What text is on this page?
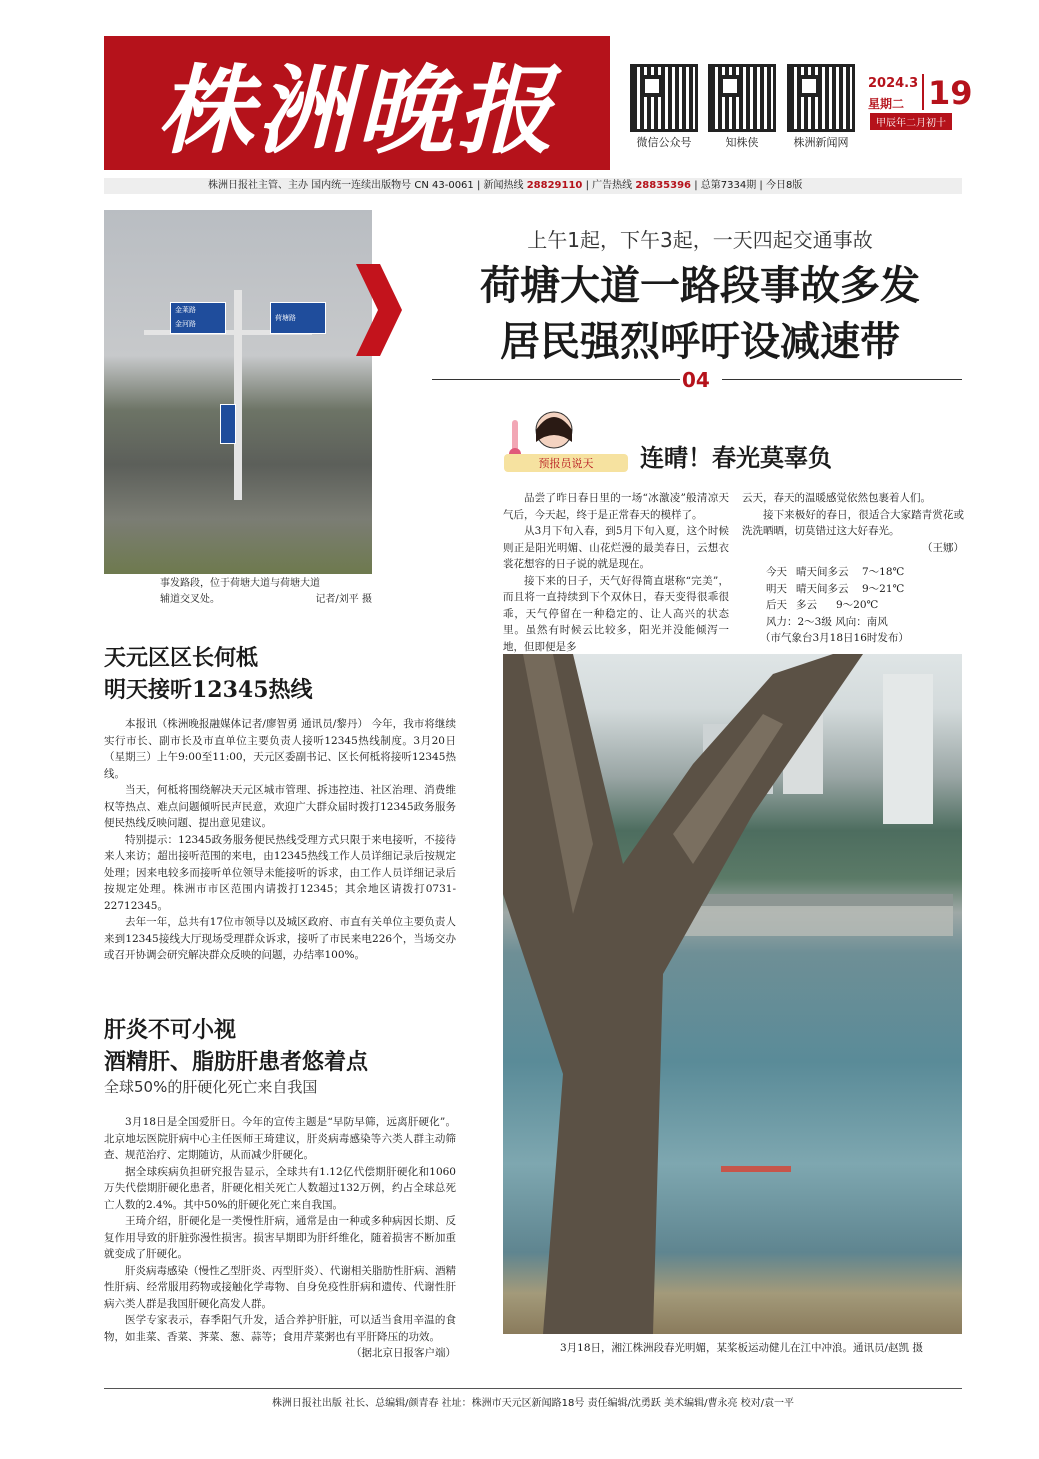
株洲晚报	微信公众号	知株侠	株洲新闻网
2024.3
星期二 19
甲辰年二月初十
株洲日报社主管、主办 国内统一连续出版物号 CN 43-0061 | 新闻热线 28829110 | 广告热线 28835396 | 总第7334期 | 今日8版
金莱路
金河路
荷塘路
事发路段，位于荷塘大道与荷塘大道
辅道交叉处。	记者/刘平 摄
上午1起，下午3起，一天四起交通事故
荷塘大道一路段事故多发
居民强烈呼吁设减速带
04
预报员说天 连晴！春光莫辜负

品尝了昨日春日里的一场“冰激凌”般清凉天气后，今天起，终于是正常春天的模样了。

从3月下旬入春，到5月下旬入夏，这个时候则正是阳光明媚、山花烂漫的最美春日，云想衣裳花想容的日子说的就是现在。

接下来的日子，天气好得简直堪称“完美”，而且将一直持续到下个双休日，春天变得很乖很乖，天气停留在一种稳定的、让人高兴的状态里。虽然有时候云比较多，阳光并没能倾泻一地，但即便是多

云天，春天的温暖感觉依然包裹着人们。

接下来极好的春日，很适合大家踏青赏花或洗洗晒晒，切莫错过这大好春光。

（王娜）
今天 晴天间多云	7～18℃
明天 晴天间多云	9～21℃
后天 多云	9～20℃
风力：2～3级 风向：南风
（市气象台3月18日16时发布）
3月18日，湘江株洲段春光明媚，某桨板运动健儿在江中冲浪。通讯员/赵凯 摄
天元区区长何柢
明天接听12345热线

本报讯（株洲晚报融媒体记者/廖智勇 通讯员/黎丹） 今年，我市将继续实行市长、副市长及市直单位主要负责人接听12345热线制度。3月20日（星期三）上午9:00至11:00，天元区委副书记、区长何柢将接听12345热线。

当天，何柢将围绕解决天元区城市管理、拆违控违、社区治理、消费维权等热点、难点问题倾听民声民意，欢迎广大群众届时拨打12345政务服务便民热线反映问题、提出意见建议。

特别提示：12345政务服务便民热线受理方式只限于来电接听，不接待来人来访；超出接听范围的来电，由12345热线工作人员详细记录后按规定处理；因来电较多而接听单位领导未能接听的诉求，由工作人员详细记录后按规定处理。株洲市市区范围内请拨打12345；其余地区请拨打0731-22712345。

去年一年，总共有17位市领导以及城区政府、市直有关单位主要负责人来到12345接线大厅现场受理群众诉求，接听了市民来电226个，当场交办或召开协调会研究解决群众反映的问题，办结率100%。

肝炎不可小视
酒精肝、脂肪肝患者悠着点
全球50%的肝硬化死亡来自我国

3月18日是全国爱肝日。今年的宣传主题是“早防早筛，远离肝硬化”。北京地坛医院肝病中心主任医师王琦建议，肝炎病毒感染等六类人群主动筛查、规范治疗、定期随访，从而减少肝硬化。

据全球疾病负担研究报告显示，全球共有1.12亿代偿期肝硬化和1060万失代偿期肝硬化患者，肝硬化相关死亡人数超过132万例，约占全球总死亡人数的2.4%。其中50%的肝硬化死亡来自我国。

王琦介绍，肝硬化是一类慢性肝病，通常是由一种或多种病因长期、反复作用导致的肝脏弥漫性损害。损害早期即为肝纤维化，随着损害不断加重就变成了肝硬化。

肝炎病毒感染（慢性乙型肝炎、丙型肝炎）、代谢相关脂肪性肝病、酒精性肝病、经常服用药物或接触化学毒物、自身免疫性肝病和遗传、代谢性肝病六类人群是我国肝硬化高发人群。

医学专家表示，春季阳气升发，适合养护肝脏，可以适当食用辛温的食物，如韭菜、香菜、荠菜、葱、蒜等；食用芹菜粥也有平肝降压的功效。

（据北京日报客户端）
株洲日报社出版 社长、总编辑/颜青春 社址：株洲市天元区新闻路18号 责任编辑/沈勇跃 美术编辑/曹永亮 校对/袁一平
